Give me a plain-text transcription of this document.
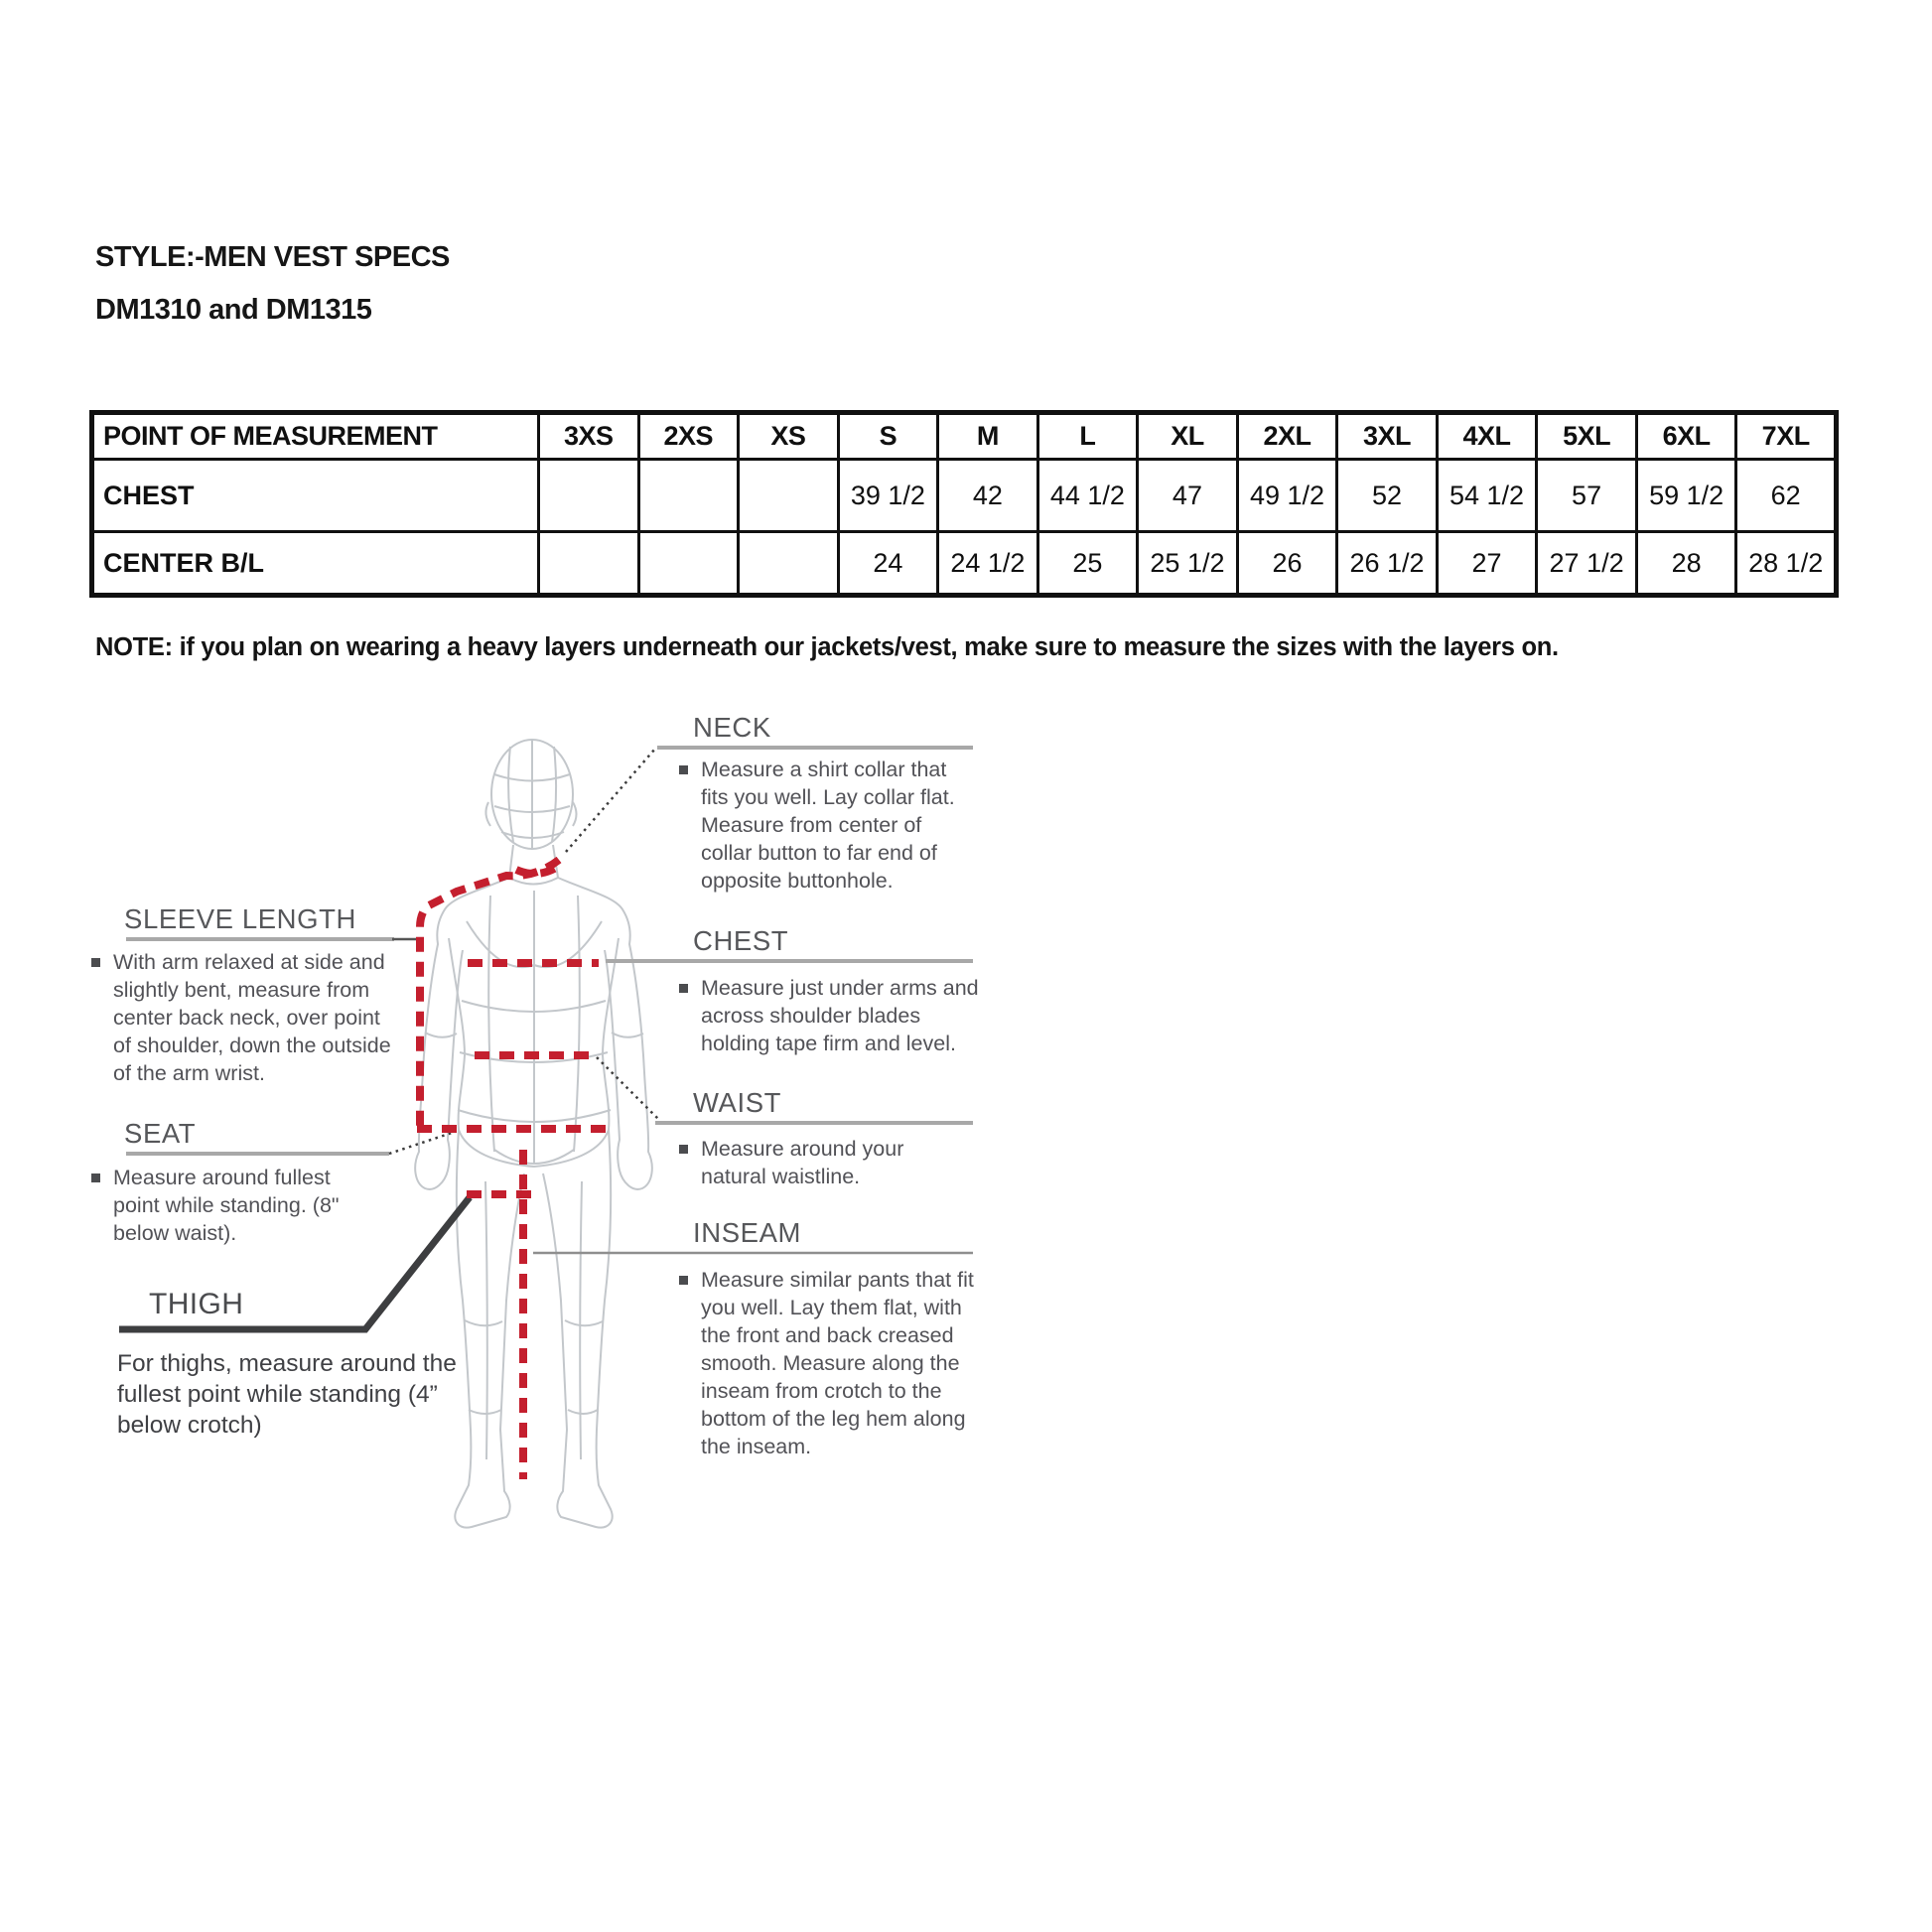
STYLE:-MEN VEST SPECS
DM1310 and DM1315
POINT OF MEASUREMENT	3XS	2XS	XS	S	M	L	XL	2XL	3XL	4XL	5XL	6XL	7XL
CHEST				39 1/2	42	44 1/2	47	49 1/2	52	54 1/2	57	59 1/2	62
CENTER B/L				24	24 1/2	25	25 1/2	26	26 1/2	27	27 1/2	28	28 1/2
NOTE: if you plan on wearing a heavy layers underneath our jackets/vest, make sure to measure the sizes with the layers on.
NECK
Measure a shirt collar that fits you well. Lay collar flat. Measure from center of collar button to far end of opposite buttonhole.
CHEST
Measure just under arms and across shoulder blades holding tape firm and level.
WAIST
Measure around your natural waistline.
INSEAM
Measure similar pants that fit you well. Lay them flat, with the front and back creased smooth. Measure along the inseam from crotch to the bottom of the leg hem along the inseam.
SLEEVE LENGTH
With arm relaxed at side and slightly bent, measure from center back neck, over point of shoulder, down the outside of the arm wrist.
SEAT
Measure around fullest point while standing. (8" below waist).
THIGH
For thighs, measure around the fullest point while standing (4” below crotch)
